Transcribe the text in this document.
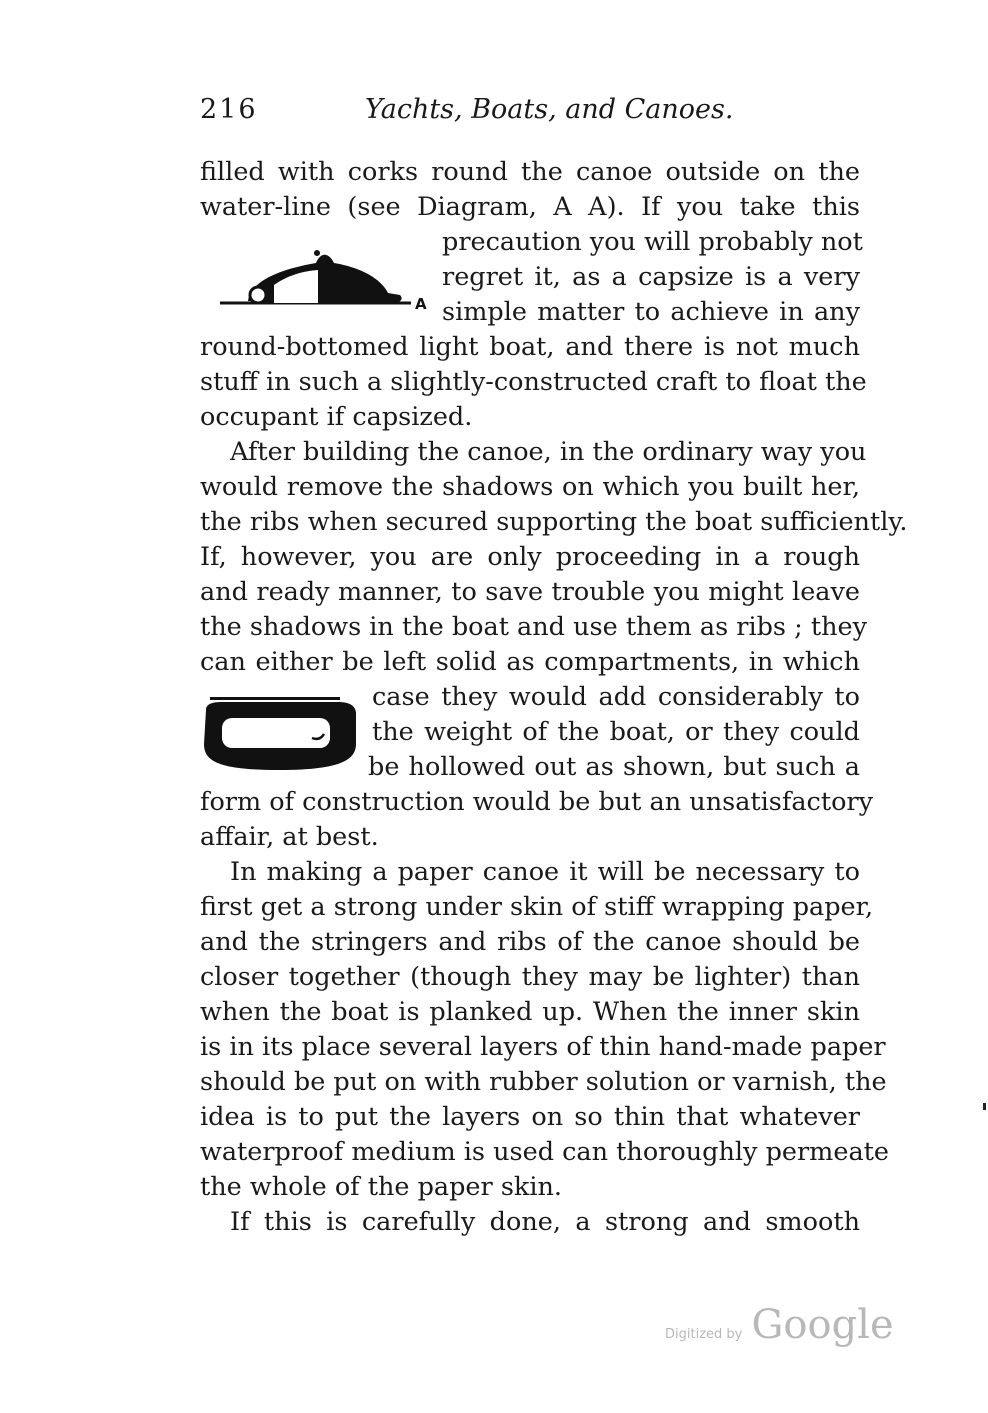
216	Yachts, Boats, and Canoes.
filled with corks round the canoe outside on the
water-line (see Diagram, A A). If you take this
precaution you will probably not
regret it, as a capsize is a very
simple matter to achieve in any
round-bottomed light boat, and there is not much
stuff in such a slightly-constructed craft to float the
occupant if capsized.
After building the canoe, in the ordinary way you
would remove the shadows on which you built her,
the ribs when secured supporting the boat sufficiently.
If, however, you are only proceeding in a rough
and ready manner, to save trouble you might leave
the shadows in the boat and use them as ribs ; they
can either be left solid as compartments, in which
case they would add considerably to
the weight of the boat, or they could
be hollowed out as shown, but such a
form of construction would be but an unsatisfactory
affair, at best.
In making a paper canoe it will be necessary to
first get a strong under skin of stiff wrapping paper,
and the stringers and ribs of the canoe should be
closer together (though they may be lighter) than
when the boat is planked up. When the inner skin
is in its place several layers of thin hand-made paper
should be put on with rubber solution or varnish, the
idea is to put the layers on so thin that whatever
waterproof medium is used can thoroughly permeate
the whole of the paper skin.
If this is carefully done, a strong and smooth
A
Digitized by Google
